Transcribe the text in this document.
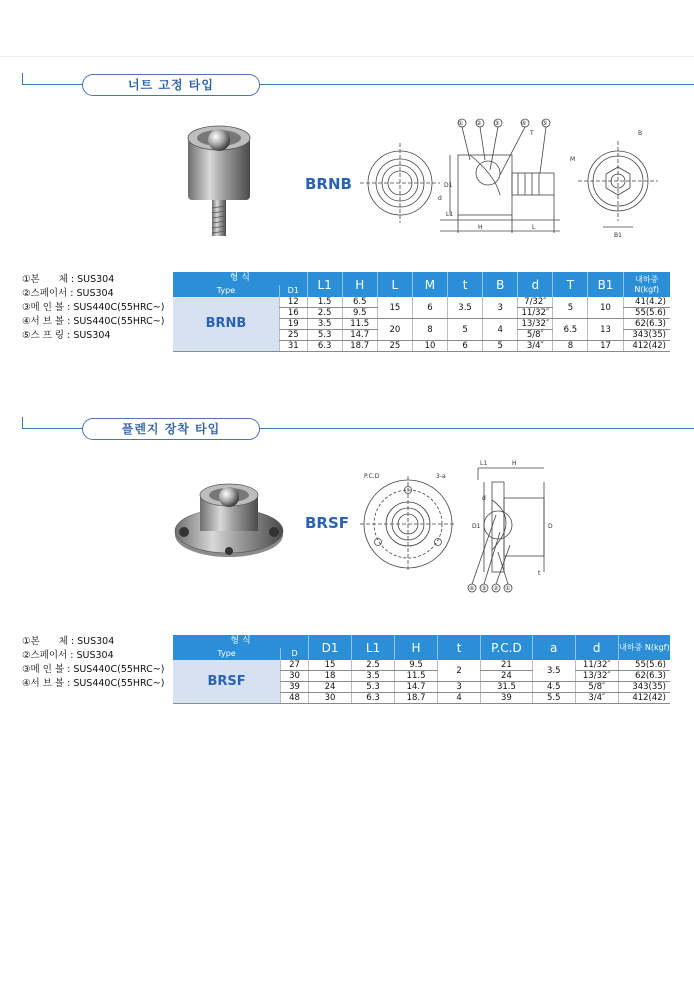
너트 고정 타입
BRNB
① ② ③	④	⑤
D1
L1
H	L
B1
M
T	B
d
①본　　체 : SUS304
②스페이서 : SUS304
③메 인 볼 : SUS440C(55HRC~)
④서 브 볼 : SUS440C(55HRC~)
⑤스 프 링 : SUS304
형 식		L1	H	L	M	t	B	d	T	B1	내하중 N(kgf)
Type	D1										
BRNB	12	1.5	6.5	15	6	3.5	3	7/32″	5	10	41(4.2)
	16	2.5	9.5					11/32″			55(5.6)
	19	3.5	11.5	20	8	5	4	13/32″	6.5	13	62(6.3)
	25	5.3	14.7					5/8″			343(35)
	31	6.3	18.7	25	10	6	5	3/4″	8	17	412(42)
플렌지 장착 타입
BRSF
P.C.D	3-a
L1	H
D1	D
t
d
④ ③ ② ①
①본　　체 : SUS304
②스페이서 : SUS304
③메 인 볼 : SUS440C(55HRC~)
④서 브 볼 : SUS440C(55HRC~)
형 식		D1	L1	H	t	P.C.D	a	d	내하중 N(kgf)
Type	D								
BRSF	27	15	2.5	9.5	2	21	3.5	11/32″	55(5.6)
	30	18	3.5	11.5		24		13/32″	62(6.3)
	39	24	5.3	14.7	3	31.5	4.5	5/8″	343(35)
	48	30	6.3	18.7	4	39	5.5	3/4″	412(42)
